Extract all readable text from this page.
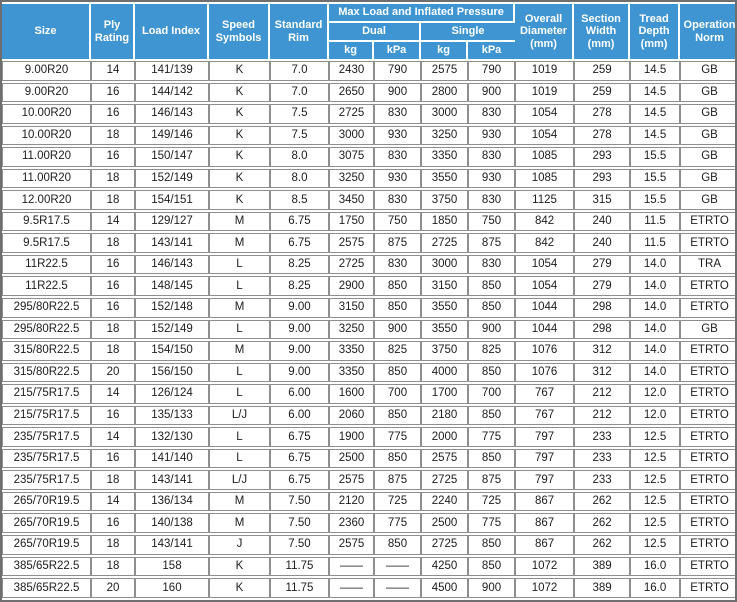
Size	Ply Rating	Load Index	Speed Symbols	Standard Rim	Max Load and Inflated Pressure				Overall Diameter (mm)	Section Width (mm)	Tread Depth (mm)	Operation Norm
					Dual		Single					
					kg	kPa	kg	kPa				
9.00R20	14	141/139	K	7.0	2430	790	2575	790	1019	259	14.5	GB
9.00R20	16	144/142	K	7.0	2650	900	2800	900	1019	259	14.5	GB
10.00R20	16	146/143	K	7.5	2725	830	3000	830	1054	278	14.5	GB
10.00R20	18	149/146	K	7.5	3000	930	3250	930	1054	278	14.5	GB
11.00R20	16	150/147	K	8.0	3075	830	3350	830	1085	293	15.5	GB
11.00R20	18	152/149	K	8.0	3250	930	3550	930	1085	293	15.5	GB
12.00R20	18	154/151	K	8.5	3450	830	3750	830	1125	315	15.5	GB
9.5R17.5	14	129/127	M	6.75	1750	750	1850	750	842	240	11.5	ETRTO
9.5R17.5	18	143/141	M	6.75	2575	875	2725	875	842	240	11.5	ETRTO
11R22.5	16	146/143	L	8.25	2725	830	3000	830	1054	279	14.0	TRA
11R22.5	16	148/145	L	8.25	2900	850	3150	850	1054	279	14.0	ETRTO
295/80R22.5	16	152/148	M	9.00	3150	850	3550	850	1044	298	14.0	ETRTO
295/80R22.5	18	152/149	L	9.00	3250	900	3550	900	1044	298	14.0	GB
315/80R22.5	18	154/150	M	9.00	3350	825	3750	825	1076	312	14.0	ETRTO
315/80R22.5	20	156/150	L	9.00	3350	850	4000	850	1076	312	14.0	ETRTO
215/75R17.5	14	126/124	L	6.00	1600	700	1700	700	767	212	12.0	ETRTO
215/75R17.5	16	135/133	L/J	6.00	2060	850	2180	850	767	212	12.0	ETRTO
235/75R17.5	14	132/130	L	6.75	1900	775	2000	775	797	233	12.5	ETRTO
235/75R17.5	16	141/140	L	6.75	2500	850	2575	850	797	233	12.5	ETRTO
235/75R17.5	18	143/141	L/J	6.75	2575	875	2725	875	797	233	12.5	ETRTO
265/70R19.5	14	136/134	M	7.50	2120	725	2240	725	867	262	12.5	ETRTO
265/70R19.5	16	140/138	M	7.50	2360	775	2500	775	867	262	12.5	ETRTO
265/70R19.5	18	143/141	J	7.50	2575	850	2725	850	867	262	12.5	ETRTO
385/65R22.5	18	158	K	11.75	——	——	4250	850	1072	389	16.0	ETRTO
385/65R22.5	20	160	K	11.75	——	——	4500	900	1072	389	16.0	ETRTO
